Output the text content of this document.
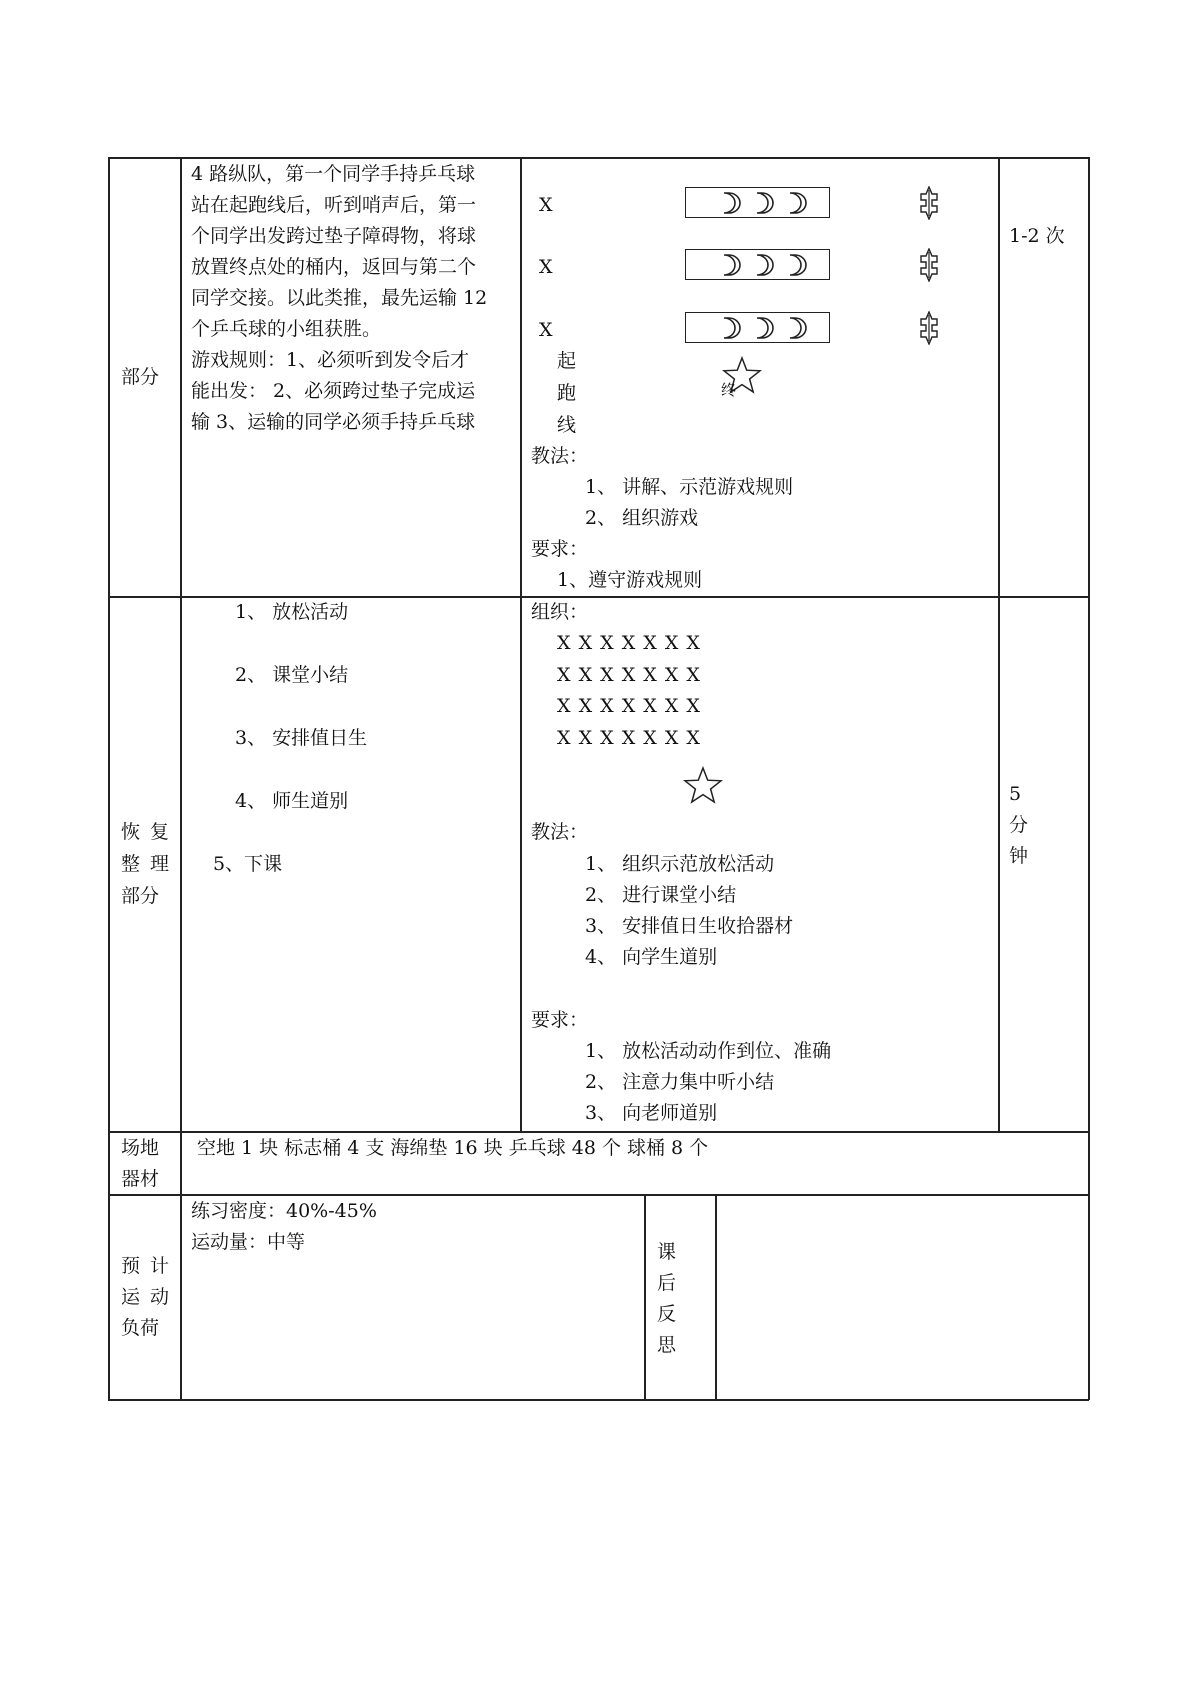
部分
4 路纵队，第一个同学手持乒乓球
站在起跑线后，听到哨声后，第一
个同学出发跨过垫子障碍物，将球
放置终点处的桶内，返回与第二个
同学交接。以此类推，最先运输 12
个乒乓球的小组获胜。
游戏规则：1、必须听到发令后才
能出发： 2、必须跨过垫子完成运
输 3、运输的同学必须手持乒乓球
X
X
X
起
跑
线
终
教法：
1、 讲解、示范游戏规则
2、 组织游戏
要求：
1、遵守游戏规则
1-2 次
恢 复
整 理
部分
1、 放松活动
2、 课堂小结
3、 安排值日生
4、 师生道别
5、下课
组织：
X X X X X X X
X X X X X X X
X X X X X X X
X X X X X X X
教法：
1、 组织示范放松活动
2、 进行课堂小结
3、 安排值日生收拾器材
4、 向学生道别
要求：
1、 放松活动动作到位、准确
2、 注意力集中听小结
3、 向老师道别
5
分
钟
场地
器材
空地 1 块 标志桶 4 支 海绵垫 16 块 乒乓球 48 个 球桶 8 个
预 计
运 动
负荷
练习密度：40%-45%
运动量：中等	课
后
反
思
